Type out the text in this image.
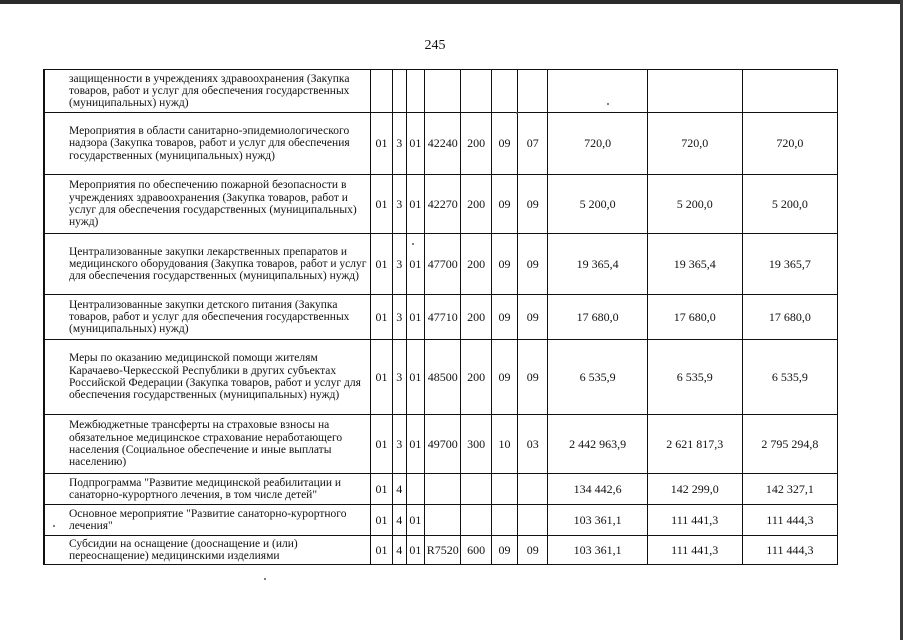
245
защищенности в учреждениях здравоохранения (Закупка товаров, работ и услуг для обеспечения государственных (муниципальных) нужд)										
Мероприятия в области санитарно-эпидемиологического надзора (Закупка товаров, работ и услуг для обеспечения государственных (муниципальных) нужд)	01	3	01	42240	200	09	07	720,0	720,0	720,0
Мероприятия по обеспечению пожарной безопасности в учреждениях здравоохранения (Закупка товаров, работ и услуг для обеспечения государственных (муниципальных) нужд)	01	3	01	42270	200	09	09	5 200,0	5 200,0	5 200,0
Централизованные закупки лекарственных препаратов и медицинского оборудования (Закупка товаров, работ и услуг для обеспечения государственных (муниципальных) нужд)	01	3	01	47700	200	09	09	19 365,4	19 365,4	19 365,7
Централизованные закупки детского питания (Закупка товаров, работ и услуг для обеспечения государственных (муниципальных) нужд)	01	3	01	47710	200	09	09	17 680,0	17 680,0	17 680,0
Меры по оказанию медицинской помощи жителям Карачаево-Черкесской Республики в других субъектах Российской Федерации (Закупка товаров, работ и услуг для обеспечения государственных (муниципальных) нужд)	01	3	01	48500	200	09	09	6 535,9	6 535,9	6 535,9
Межбюджетные трансферты на страховые взносы на обязательное медицинское страхование неработающего населения (Социальное обеспечение и иные выплаты населению)	01	3	01	49700	300	10	03	2 442 963,9	2 621 817,3	2 795 294,8
Подпрограмма "Развитие медицинской реабилитации и санаторно-курортного лечения, в том числе детей"	01	4						134 442,6	142 299,0	142 327,1
Основное мероприятие "Развитие санаторно-курортного лечения"	01	4	01					103 361,1	111 441,3	111 444,3
Субсидии на оснащение (дооснащение и (или) переоснащение) медицинскими изделиями	01	4	01	R7520	600	09	09	103 361,1	111 441,3	111 444,3
